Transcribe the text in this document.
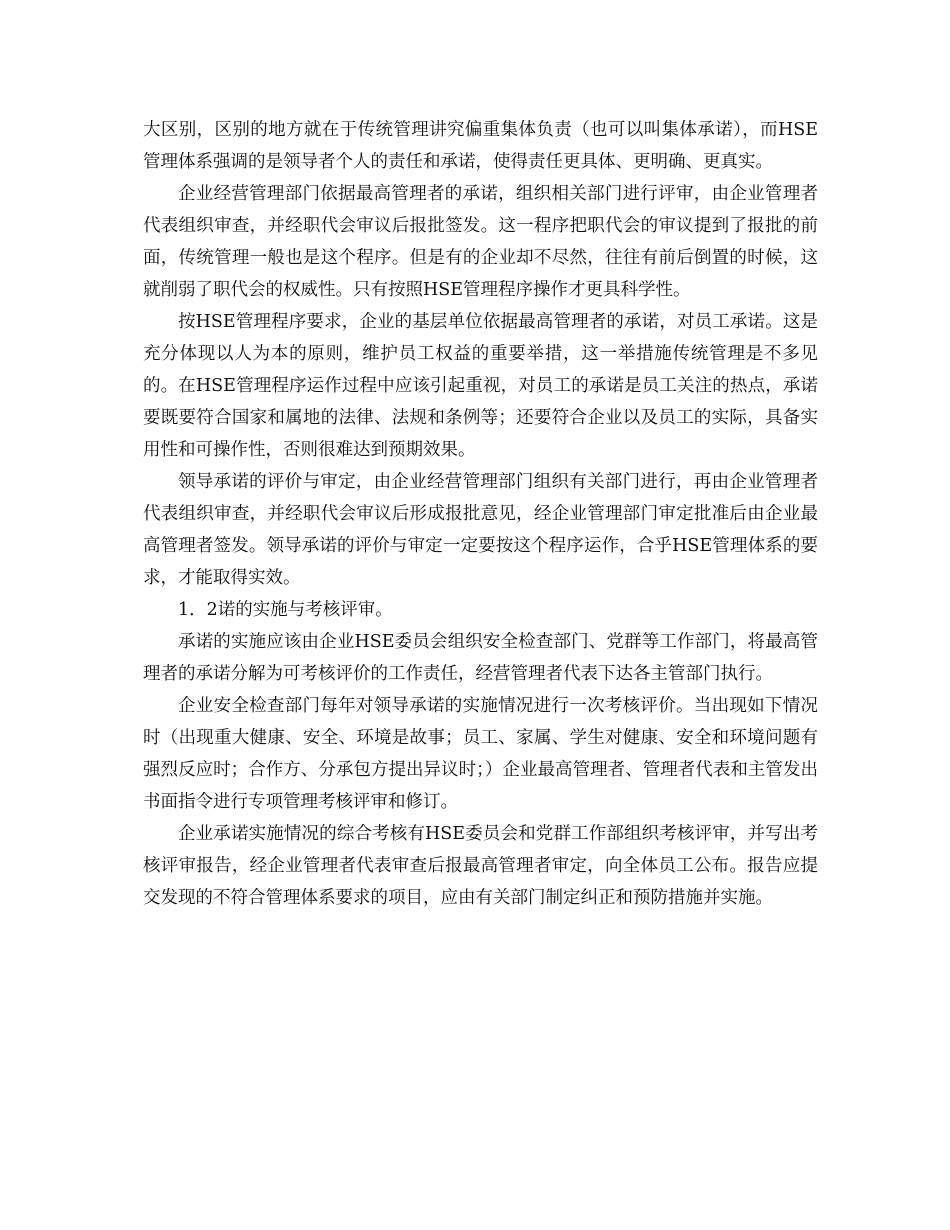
大区别，区别的地方就在于传统管理讲究偏重集体负责（也可以叫集体承诺），而HSE管理体系强调的是领导者个人的责任和承诺，使得责任更具体、更明确、更真实。

企业经营管理部门依据最高管理者的承诺，组织相关部门进行评审，由企业管理者代表组织审查，并经职代会审议后报批签发。这一程序把职代会的审议提到了报批的前面，传统管理一般也是这个程序。但是有的企业却不尽然，往往有前后倒置的时候，这就削弱了职代会的权威性。只有按照HSE管理程序操作才更具科学性。

按HSE管理程序要求，企业的基层单位依据最高管理者的承诺，对员工承诺。这是充分体现以人为本的原则，维护员工权益的重要举措，这一举措施传统管理是不多见的。在HSE管理程序运作过程中应该引起重视，对员工的承诺是员工关注的热点，承诺要既要符合国家和属地的法律、法规和条例等；还要符合企业以及员工的实际，具备实用性和可操作性，否则很难达到预期效果。

领导承诺的评价与审定，由企业经营管理部门组织有关部门进行，再由企业管理者代表组织审查，并经职代会审议后形成报批意见，经企业管理部门审定批准后由企业最高管理者签发。领导承诺的评价与审定一定要按这个程序运作，合乎HSE管理体系的要求，才能取得实效。

1．2诺的实施与考核评审。

承诺的实施应该由企业HSE委员会组织安全检查部门、党群等工作部门，将最高管理者的承诺分解为可考核评价的工作责任，经营管理者代表下达各主管部门执行。

企业安全检查部门每年对领导承诺的实施情况进行一次考核评价。当出现如下情况时（出现重大健康、安全、环境是故事；员工、家属、学生对健康、安全和环境问题有强烈反应时；合作方、分承包方提出异议时；）企业最高管理者、管理者代表和主管发出书面指令进行专项管理考核评审和修订。

企业承诺实施情况的综合考核有HSE委员会和党群工作部组织考核评审，并写出考核评审报告，经企业管理者代表审查后报最高管理者审定，向全体员工公布。报告应提交发现的不符合管理体系要求的项目，应由有关部门制定纠正和预防措施并实施。
